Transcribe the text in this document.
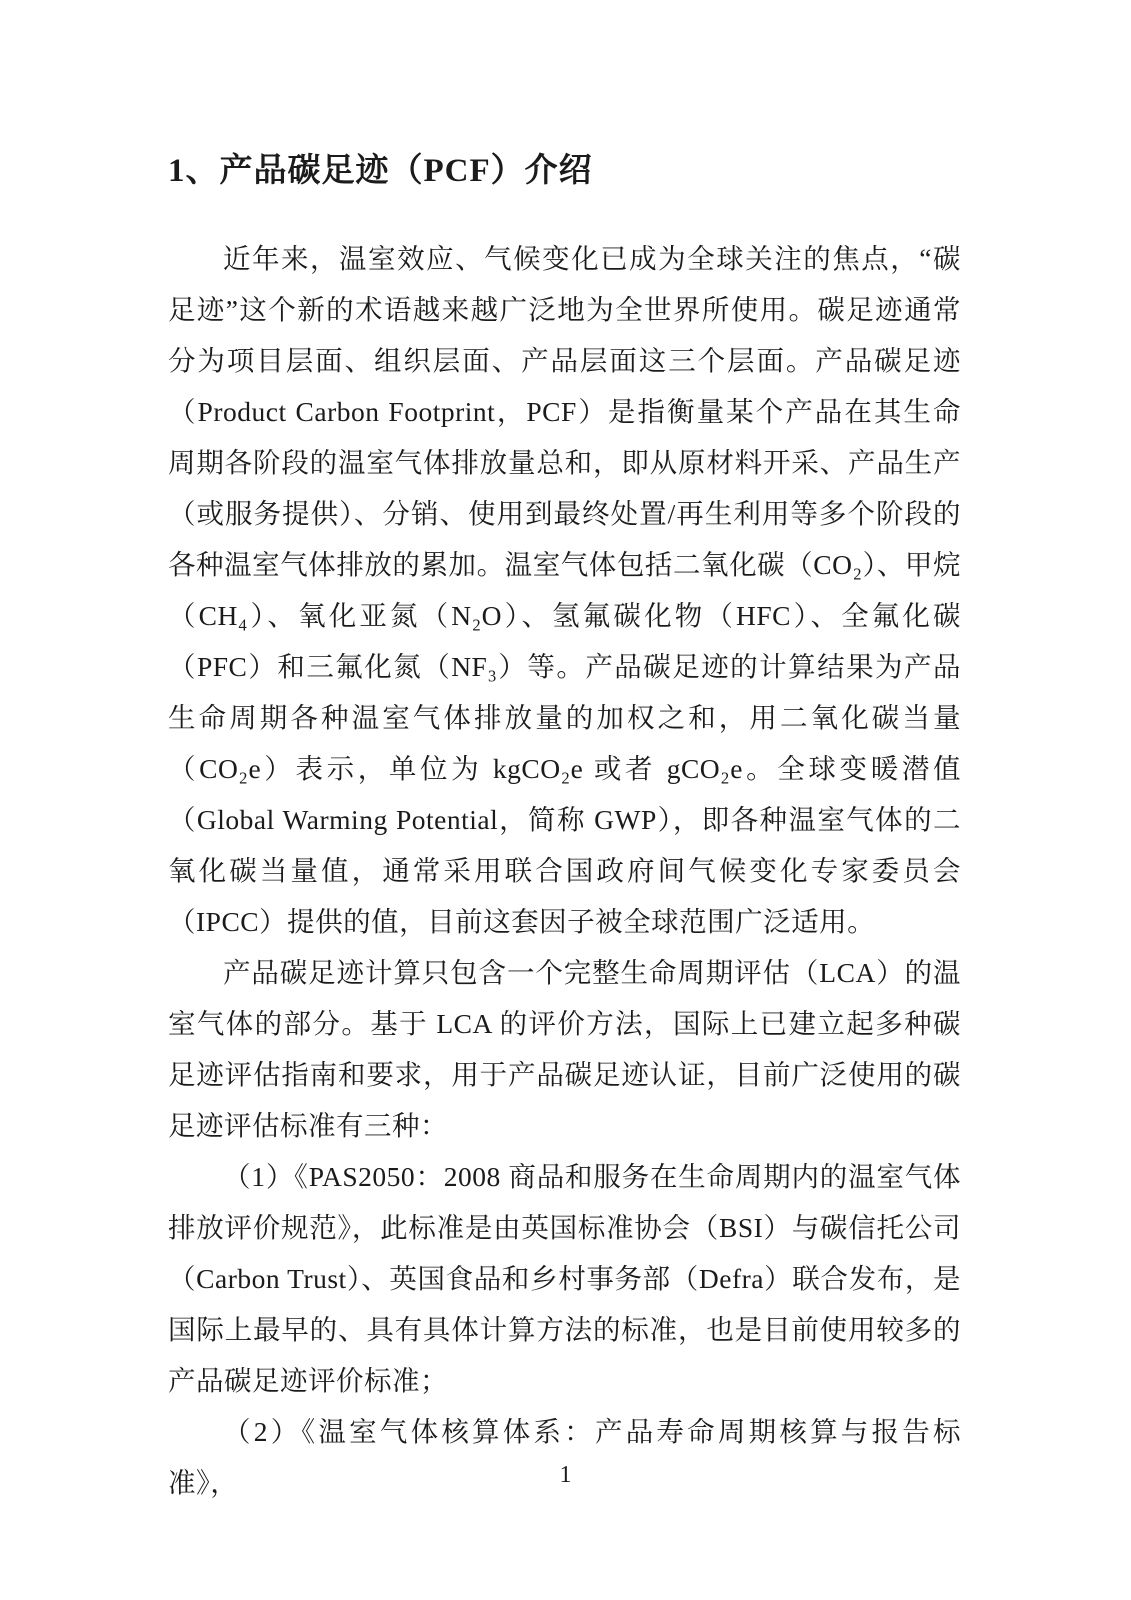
1、产品碳足迹（PCF）介绍

近年来，温室效应、气候变化已成为全球关注的焦点，“碳足迹”这个新的术语越来越广泛地为全世界所使用。碳足迹通常分为项目层面、组织层面、产品层面这三个层面。产品碳足迹（Product Carbon Footprint，PCF）是指衡量某个产品在其生命周期各阶段的温室气体排放量总和，即从原材料开采、产品生产（或服务提供）、分销、使用到最终处置/再生利用等多个阶段的各种温室气体排放的累加。温室气体包括二氧化碳（CO₂）、甲烷（CH₄）、氧化亚氮（N₂O）、氢氟碳化物（HFC）、全氟化碳（PFC）和三氟化氮（NF₃）等。产品碳足迹的计算结果为产品生命周期各种温室气体排放量的加权之和，用二氧化碳当量（CO₂e）表示，单位为 kgCO₂e 或者 gCO₂e。全球变暖潜值（Global Warming Potential，简称 GWP），即各种温室气体的二氧化碳当量值，通常采用联合国政府间气候变化专家委员会（IPCC）提供的值，目前这套因子被全球范围广泛适用。

产品碳足迹计算只包含一个完整生命周期评估（LCA）的温室气体的部分。基于 LCA 的评价方法，国际上已建立起多种碳足迹评估指南和要求，用于产品碳足迹认证，目前广泛使用的碳足迹评估标准有三种：

（1）《PAS2050：2008 商品和服务在生命周期内的温室气体排放评价规范》，此标准是由英国标准协会（BSI）与碳信托公司（Carbon Trust）、英国食品和乡村事务部（Defra）联合发布，是国际上最早的、具有具体计算方法的标准，也是目前使用较多的产品碳足迹评价标准；

（2）《温室气体核算体系：产品寿命周期核算与报告标准》，	1
